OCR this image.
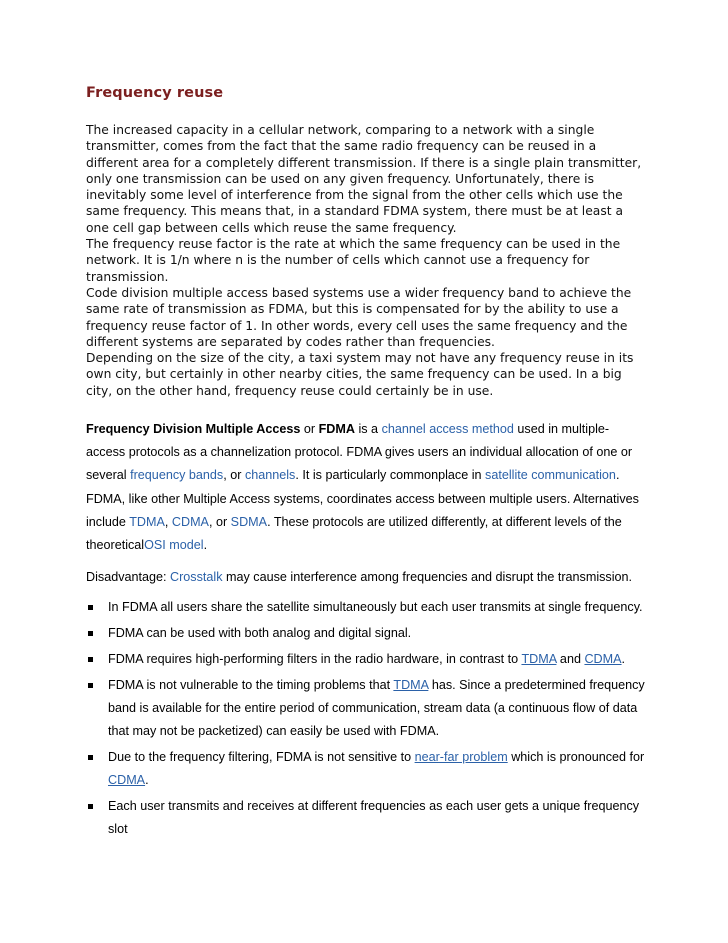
Frequency reuse

The increased capacity in a cellular network, comparing to a network with a single transmitter, comes from the fact that the same radio frequency can be reused in a different area for a completely different transmission. If there is a single plain transmitter, only one transmission can be used on any given frequency. Unfortunately, there is inevitably some level of interference from the signal from the other cells which use the same frequency. This means that, in a standard FDMA system, there must be at least a one cell gap between cells which reuse the same frequency.

The frequency reuse factor is the rate at which the same frequency can be used in the network. It is 1/n where n is the number of cells which cannot use a frequency for transmission.

Code division multiple access based systems use a wider frequency band to achieve the same rate of transmission as FDMA, but this is compensated for by the ability to use a frequency reuse factor of 1. In other words, every cell uses the same frequency and the different systems are separated by codes rather than frequencies.

Depending on the size of the city, a taxi system may not have any frequency reuse in its own city, but certainly in other nearby cities, the same frequency can be used. In a big city, on the other hand, frequency reuse could certainly be in use.

Frequency Division Multiple Access or FDMA is a channel access method used in multiple-access protocols as a channelization protocol. FDMA gives users an individual allocation of one or several frequency bands, or channels. It is particularly commonplace in satellite communication. FDMA, like other Multiple Access systems, coordinates access between multiple users. Alternatives include TDMA, CDMA, or SDMA. These protocols are utilized differently, at different levels of the theoreticalOSI model.

Disadvantage: Crosstalk may cause interference among frequencies and disrupt the transmission.

In FDMA all users share the satellite simultaneously but each user transmits at single frequency.
FDMA can be used with both analog and digital signal.
FDMA requires high-performing filters in the radio hardware, in contrast to TDMA and CDMA.
FDMA is not vulnerable to the timing problems that TDMA has. Since a predetermined frequency band is available for the entire period of communication, stream data (a continuous flow of data that may not be packetized) can easily be used with FDMA.
Due to the frequency filtering, FDMA is not sensitive to near-far problem which is pronounced for CDMA.
Each user transmits and receives at different frequencies as each user gets a unique frequency slot
